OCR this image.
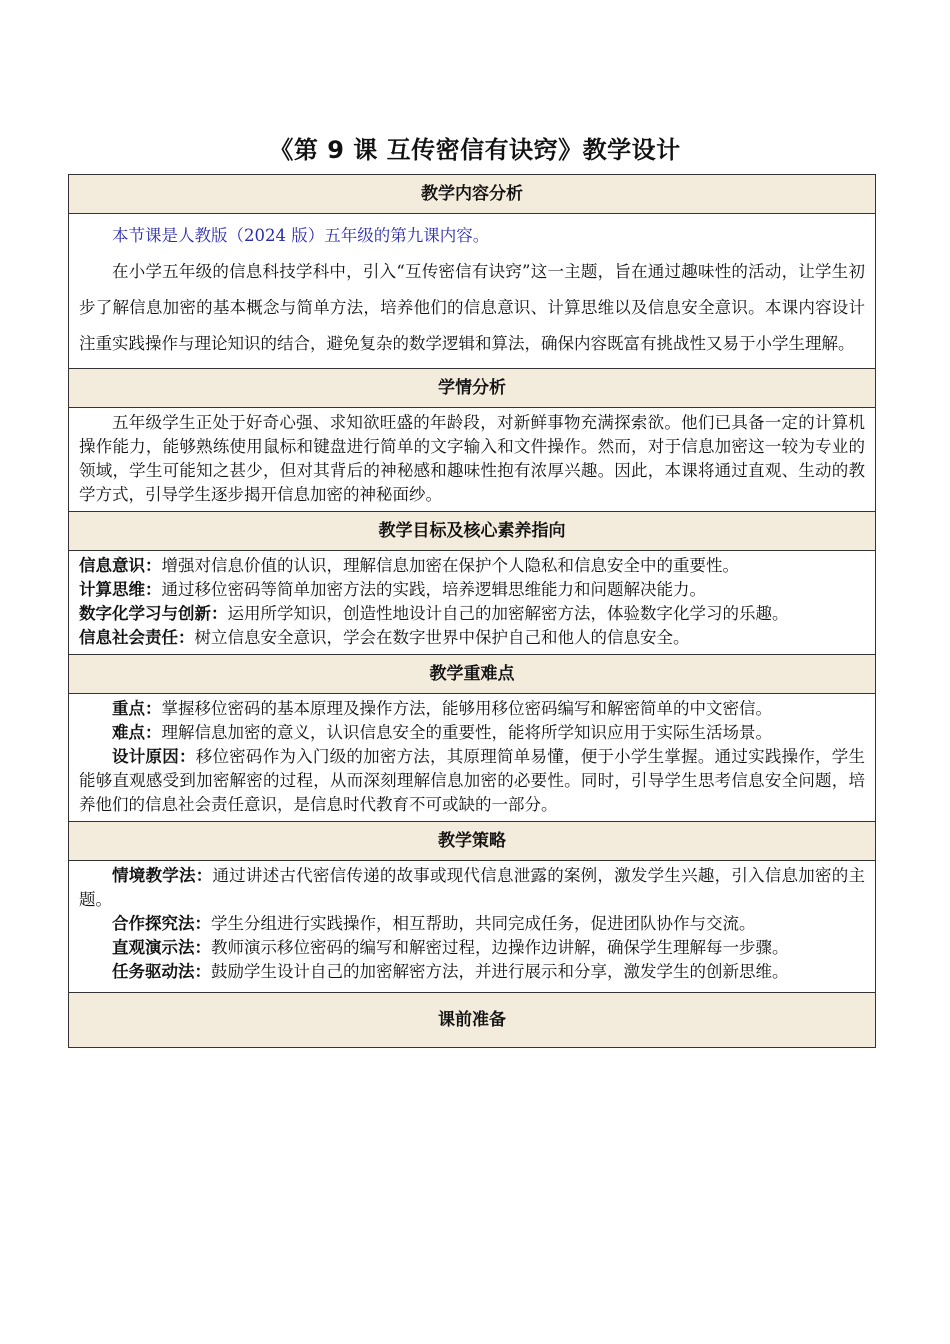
《第 9 课 互传密信有诀窍》教学设计
教学内容分析

本节课是人教版（2024 版）五年级的第九课内容。

在小学五年级的信息科技学科中，引入“互传密信有诀窍”这一主题，旨在通过趣味性的活动，让学生初步了解信息加密的基本概念与简单方法，培养他们的信息意识、计算思维以及信息安全意识。本课内容设计注重实践操作与理论知识的结合，避免复杂的数学逻辑和算法，确保内容既富有挑战性又易于小学生理解。

学情分析

五年级学生正处于好奇心强、求知欲旺盛的年龄段，对新鲜事物充满探索欲。他们已具备一定的计算机操作能力，能够熟练使用鼠标和键盘进行简单的文字输入和文件操作。然而，对于信息加密这一较为专业的领域，学生可能知之甚少，但对其背后的神秘感和趣味性抱有浓厚兴趣。因此，本课将通过直观、生动的教学方式，引导学生逐步揭开信息加密的神秘面纱。

教学目标及核心素养指向

信息意识：增强对信息价值的认识，理解信息加密在保护个人隐私和信息安全中的重要性。

计算思维：通过移位密码等简单加密方法的实践，培养逻辑思维能力和问题解决能力。

数字化学习与创新：运用所学知识，创造性地设计自己的加密解密方法，体验数字化学习的乐趣。

信息社会责任：树立信息安全意识，学会在数字世界中保护自己和他人的信息安全。

教学重难点

重点：掌握移位密码的基本原理及操作方法，能够用移位密码编写和解密简单的中文密信。

难点：理解信息加密的意义，认识信息安全的重要性，能将所学知识应用于实际生活场景。

设计原因：移位密码作为入门级的加密方法，其原理简单易懂，便于小学生掌握。通过实践操作，学生能够直观感受到加密解密的过程，从而深刻理解信息加密的必要性。同时，引导学生思考信息安全问题，培养他们的信息社会责任意识，是信息时代教育不可或缺的一部分。

教学策略

情境教学法：通过讲述古代密信传递的故事或现代信息泄露的案例，激发学生兴趣，引入信息加密的主题。

合作探究法：学生分组进行实践操作，相互帮助，共同完成任务，促进团队协作与交流。

直观演示法：教师演示移位密码的编写和解密过程，边操作边讲解，确保学生理解每一步骤。

任务驱动法：鼓励学生设计自己的加密解密方法，并进行展示和分享，激发学生的创新思维。

课前准备
